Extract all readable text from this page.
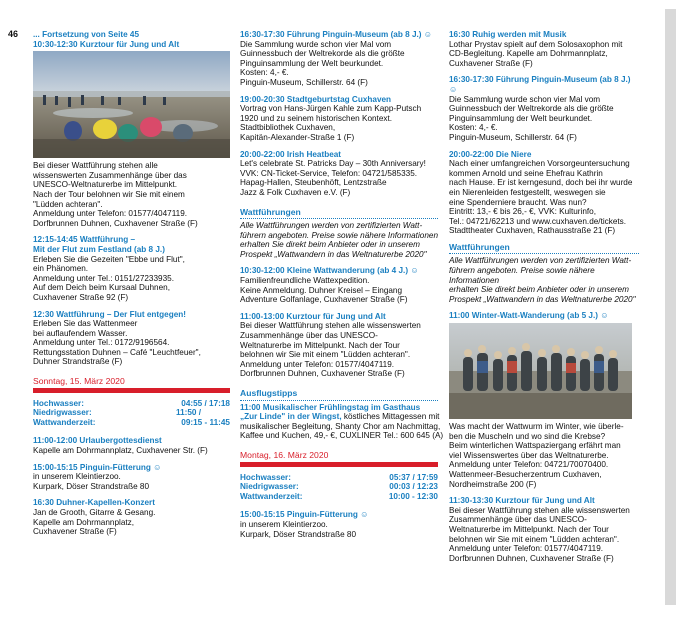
46 ... Fortsetzung von Seite 45
10:30-12:30 Kurztour für Jung und Alt
Bei dieser Wattführung stehen alle
wissenswerten Zusammenhänge über das
UNESCO-Weltnaturerbe im Mittelpunkt.
Nach der Tour belohnen wir Sie mit einem
"Lüdden achteran".
Anmeldung unter Telefon: 01577/4047119.
Dorfbrunnen Duhnen, Cuxhavener Straße (F)
12:15-14:45 Wattführung –
Mit der Flut zum Festland (ab 8 J.)
Erleben Sie die Gezeiten "Ebbe und Flut",
ein Phänomen.
Anmeldung unter Tel.: 0151/27233935.
Auf dem Deich beim Kursaal Duhnen,
Cuxhavener Straße 92 (F)
12:30 Wattführung – Der Flut entgegen!
Erleben Sie das Wattenmeer
bei auflaufendem Wasser.
Anmeldung unter Tel.: 0172/9196564.
Rettungsstation Duhnen – Café "Leuchtfeuer",
Duhner Strandstraße (F)
Sonntag, 15. März 2020
Hochwasser:	04:55 / 17:18
Niedrigwasser:	11:50 /
Wattwanderzeit:	09:15 - 11:45
11:00-12:00 Urlaubergottesdienst
Kapelle am Dohrmannplatz, Cuxhavener Str. (F)
15:00-15:15 Pinguin-Fütterung ☺
in unserem Kleintierzoo.
Kurpark, Döser Strandstraße 80
16:30 Duhner-Kapellen-Konzert
Jan de Grooth, Gitarre & Gesang.
Kapelle am Dohrmannplatz,
Cuxhavener Straße (F)
16:30-17:30 Führung Pinguin-Museum (ab 8 J.) ☺
Die Sammlung wurde schon vier Mal vom
Guinnessbuch der Weltrekorde als die größte
Pinguinsammlung der Welt beurkundet.
Kosten: 4,- €.
Pinguin-Museum, Schillerstr. 64 (F)
19:00-20:30 Stadtgeburtstag Cuxhaven
Vortrag von Hans-Jürgen Kahle zum Kapp-Putsch
1920 und zu seinem historischen Kontext.
Stadtbibliothek Cuxhaven,
Kapitän-Alexander-Straße 1 (F)
20:00-22:00 Irish Heatbeat
Let's celebrate St. Patricks Day – 30th Anniversary!
VVK: CN-Ticket-Service, Telefon: 04721/585335.
Hapag-Hallen, Steubenhöft, Lentzstraße
Jazz & Folk Cuxhaven e.V. (F)
Wattführungen
Alle Wattführungen werden von zertifizierten Watt-
führern angeboten. Preise sowie nähere Informationen
erhalten Sie direkt beim Anbieter oder in unserem
Prospekt „Wattwandern in das Weltnaturerbe 2020"
10:30-12:00 Kleine Wattwanderung (ab 4 J.) ☺
Familienfreundliche Wattexpedition.
Keine Anmeldung. Duhner Kreisel – Eingang
Adventure Golfanlage, Cuxhavener Straße (F)
11:00-13:00 Kurztour für Jung und Alt
Bei dieser Wattführung stehen alle wissenswerten
Zusammenhänge über das UNESCO-
Weltnaturerbe im Mittelpunkt. Nach der Tour
belohnen wir Sie mit einem "Lüdden achteran".
Anmeldung unter Telefon: 01577/4047119.
Dorfbrunnen Duhnen, Cuxhavener Straße (F)
Ausflugstipps
11:00 Musikalischer Frühlingstag im Gasthaus
„Zur Linde" in der Wingst, köstliches Mittagessen mit
musikalischer Begleitung, Shanty Chor am Nachmittag,
Kaffee und Kuchen, 49,- €, CUXLINER Tel.: 600 645 (A)
Montag, 16. März 2020
Hochwasser:	05:37 / 17:59
Niedrigwasser:	00:03 / 12:23
Wattwanderzeit:	10:00 - 12:30
15:00-15:15 Pinguin-Fütterung ☺
in unserem Kleintierzoo.
Kurpark, Döser Strandstraße 80
16:30 Ruhig werden mit Musik
Lothar Prystav spielt auf dem Solosaxophon mit
CD-Begleitung. Kapelle am Dohrmannplatz,
Cuxhavener Straße (F)
16:30-17:30 Führung Pinguin-Museum (ab 8 J.) ☺
Die Sammlung wurde schon vier Mal vom
Guinnessbuch der Weltrekorde als die größte
Pinguinsammlung der Welt beurkundet.
Kosten: 4,- €.
Pinguin-Museum, Schillerstr. 64 (F)
20:00-22:00 Die Niere
Nach einer umfangreichen Vorsorgeuntersuchung
kommen Arnold und seine Ehefrau Kathrin
nach Hause. Er ist kerngesund, doch bei ihr wurde
ein Nierenleiden festgestellt, weswegen sie
eine Spenderniere braucht. Was nun?
Eintritt: 13,- € bis 26,- €, VVK: Kulturinfo,
Tel.: 04721/62213 und www.cuxhaven.de/tickets.
Stadttheater Cuxhaven, Rathausstraße 21 (F)
Wattführungen
Alle Wattführungen werden von zertifizierten Watt-
führern angeboten. Preise sowie nähere Informationen
erhalten Sie direkt beim Anbieter oder in unserem
Prospekt „Wattwandern in das Weltnaturerbe 2020"
11:00 Winter-Watt-Wanderung (ab 5 J.) ☺
Was macht der Wattwurm im Winter, wie überle-
ben die Muscheln und wo sind die Krebse?
Beim winterlichen Wattspaziergang erfährt man
viel Wissenswertes über das Weltnaturerbe.
Anmeldung unter Telefon: 04721/70070400.
Wattenmeer-Besucherzentrum Cuxhaven,
Nordheimstraße 200 (F)
11:30-13:30 Kurztour für Jung und Alt
Bei dieser Wattführung stehen alle wissenswerten
Zusammenhänge über das UNESCO-
Weltnaturerbe im Mittelpunkt. Nach der Tour
belohnen wir Sie mit einem "Lüdden achteran".
Anmeldung unter Telefon: 01577/4047119.
Dorfbrunnen Duhnen, Cuxhavener Straße (F)
